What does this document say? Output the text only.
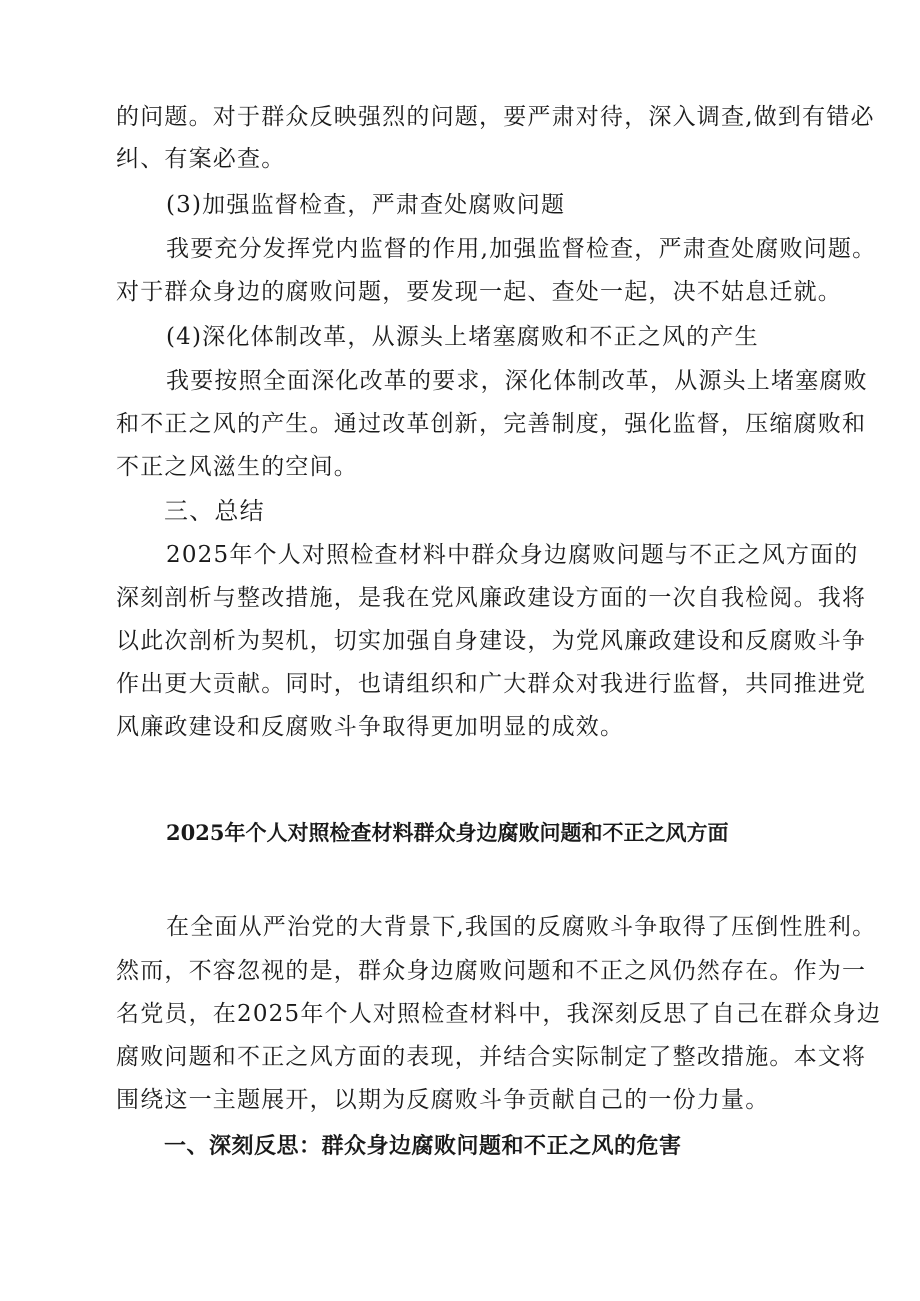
的问题。对于群众反映强烈的问题，要严肃对待，深入调查,做到有错必

纠、有案必查。

(3)加强监督检查，严肃查处腐败问题

我要充分发挥党内监督的作用,加强监督检查，严肃查处腐败问题。

对于群众身边的腐败问题，要发现一起、查处一起，决不姑息迁就。

(4)深化体制改革，从源头上堵塞腐败和不正之风的产生

我要按照全面深化改革的要求，深化体制改革，从源头上堵塞腐败

和不正之风的产生。通过改革创新，完善制度，强化监督，压缩腐败和

不正之风滋生的空间。

三、总结

2025年个人对照检查材料中群众身边腐败问题与不正之风方面的

深刻剖析与整改措施，是我在党风廉政建设方面的一次自我检阅。我将

以此次剖析为契机，切实加强自身建设，为党风廉政建设和反腐败斗争

作出更大贡献。同时，也请组织和广大群众对我进行监督，共同推进党

风廉政建设和反腐败斗争取得更加明显的成效。

2025年个人对照检查材料群众身边腐败问题和不正之风方面

在全面从严治党的大背景下,我国的反腐败斗争取得了压倒性胜利。

然而，不容忽视的是，群众身边腐败问题和不正之风仍然存在。作为一

名党员，在2025年个人对照检查材料中，我深刻反思了自己在群众身边

腐败问题和不正之风方面的表现，并结合实际制定了整改措施。本文将

围绕这一主题展开，以期为反腐败斗争贡献自己的一份力量。

一、深刻反思：群众身边腐败问题和不正之风的危害
